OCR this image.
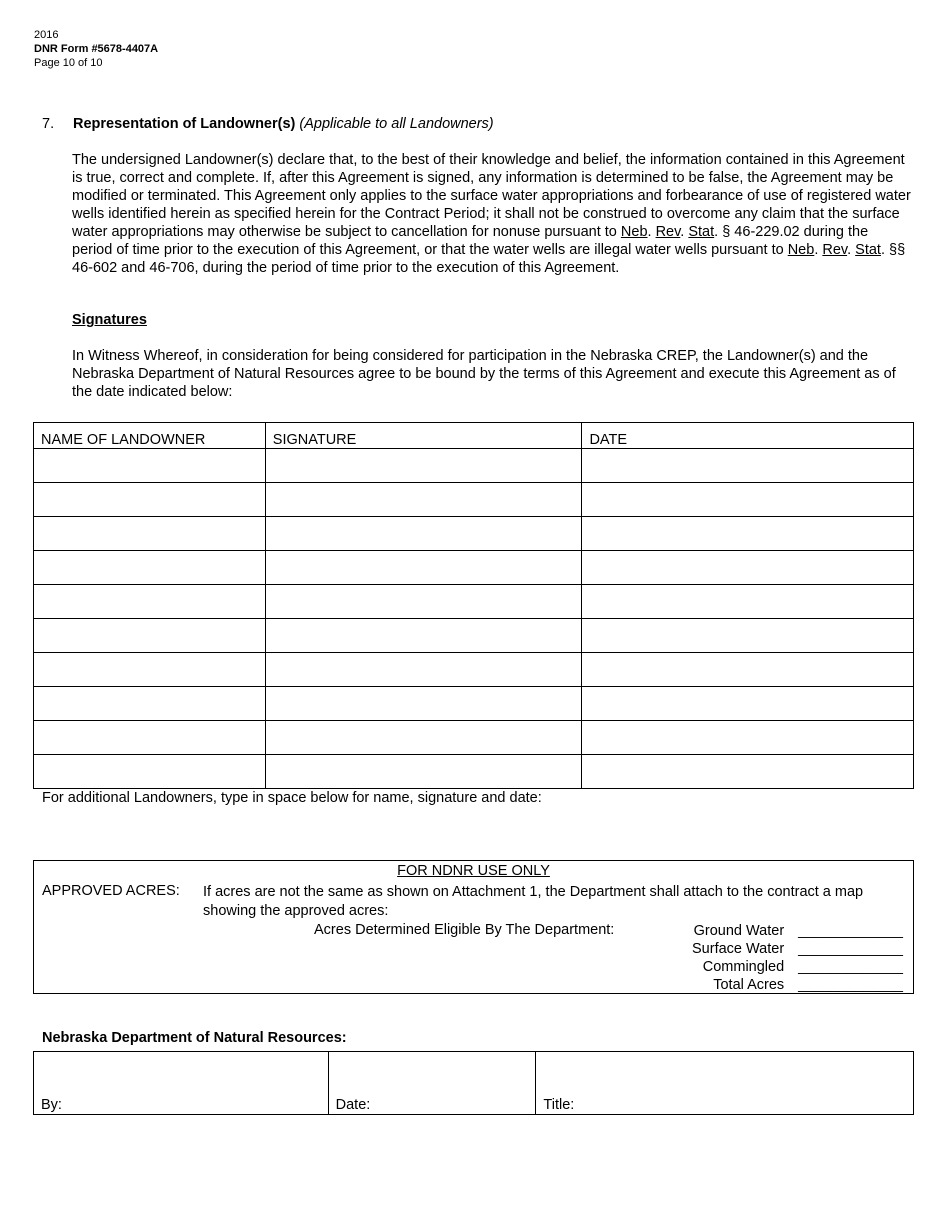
2016
DNR Form #5678-4407A
Page 10 of 10
7. Representation of Landowner(s) (Applicable to all Landowners)
The undersigned Landowner(s) declare that, to the best of their knowledge and belief, the information contained in this Agreement is true, correct and complete. If, after this Agreement is signed, any information is determined to be false, the Agreement may be modified or terminated. This Agreement only applies to the surface water appropriations and forbearance of use of registered water wells identified herein as specified herein for the Contract Period; it shall not be construed to overcome any claim that the surface water appropriations may otherwise be subject to cancellation for nonuse pursuant to Neb. Rev. Stat. § 46-229.02 during the period of time prior to the execution of this Agreement, or that the water wells are illegal water wells pursuant to Neb. Rev. Stat. §§ 46-602 and 46-706, during the period of time prior to the execution of this Agreement.
Signatures
In Witness Whereof, in consideration for being considered for participation in the Nebraska CREP, the Landowner(s) and the Nebraska Department of Natural Resources agree to be bound by the terms of this Agreement and execute this Agreement as of the date indicated below:
NAME OF LANDOWNER	SIGNATURE	DATE

For additional Landowners, type in space below for name, signature and date:
FOR NDNR USE ONLY
APPROVED ACRES: If acres are not the same as shown on Attachment 1, the Department shall attach to the contract a map showing the approved acres:
Acres Determined Eligible By The Department:	Ground Water _____________
Surface Water _____________
Commingled _____________
Total Acres _____________
Nebraska Department of Natural Resources:
By:	Date:	Title:
